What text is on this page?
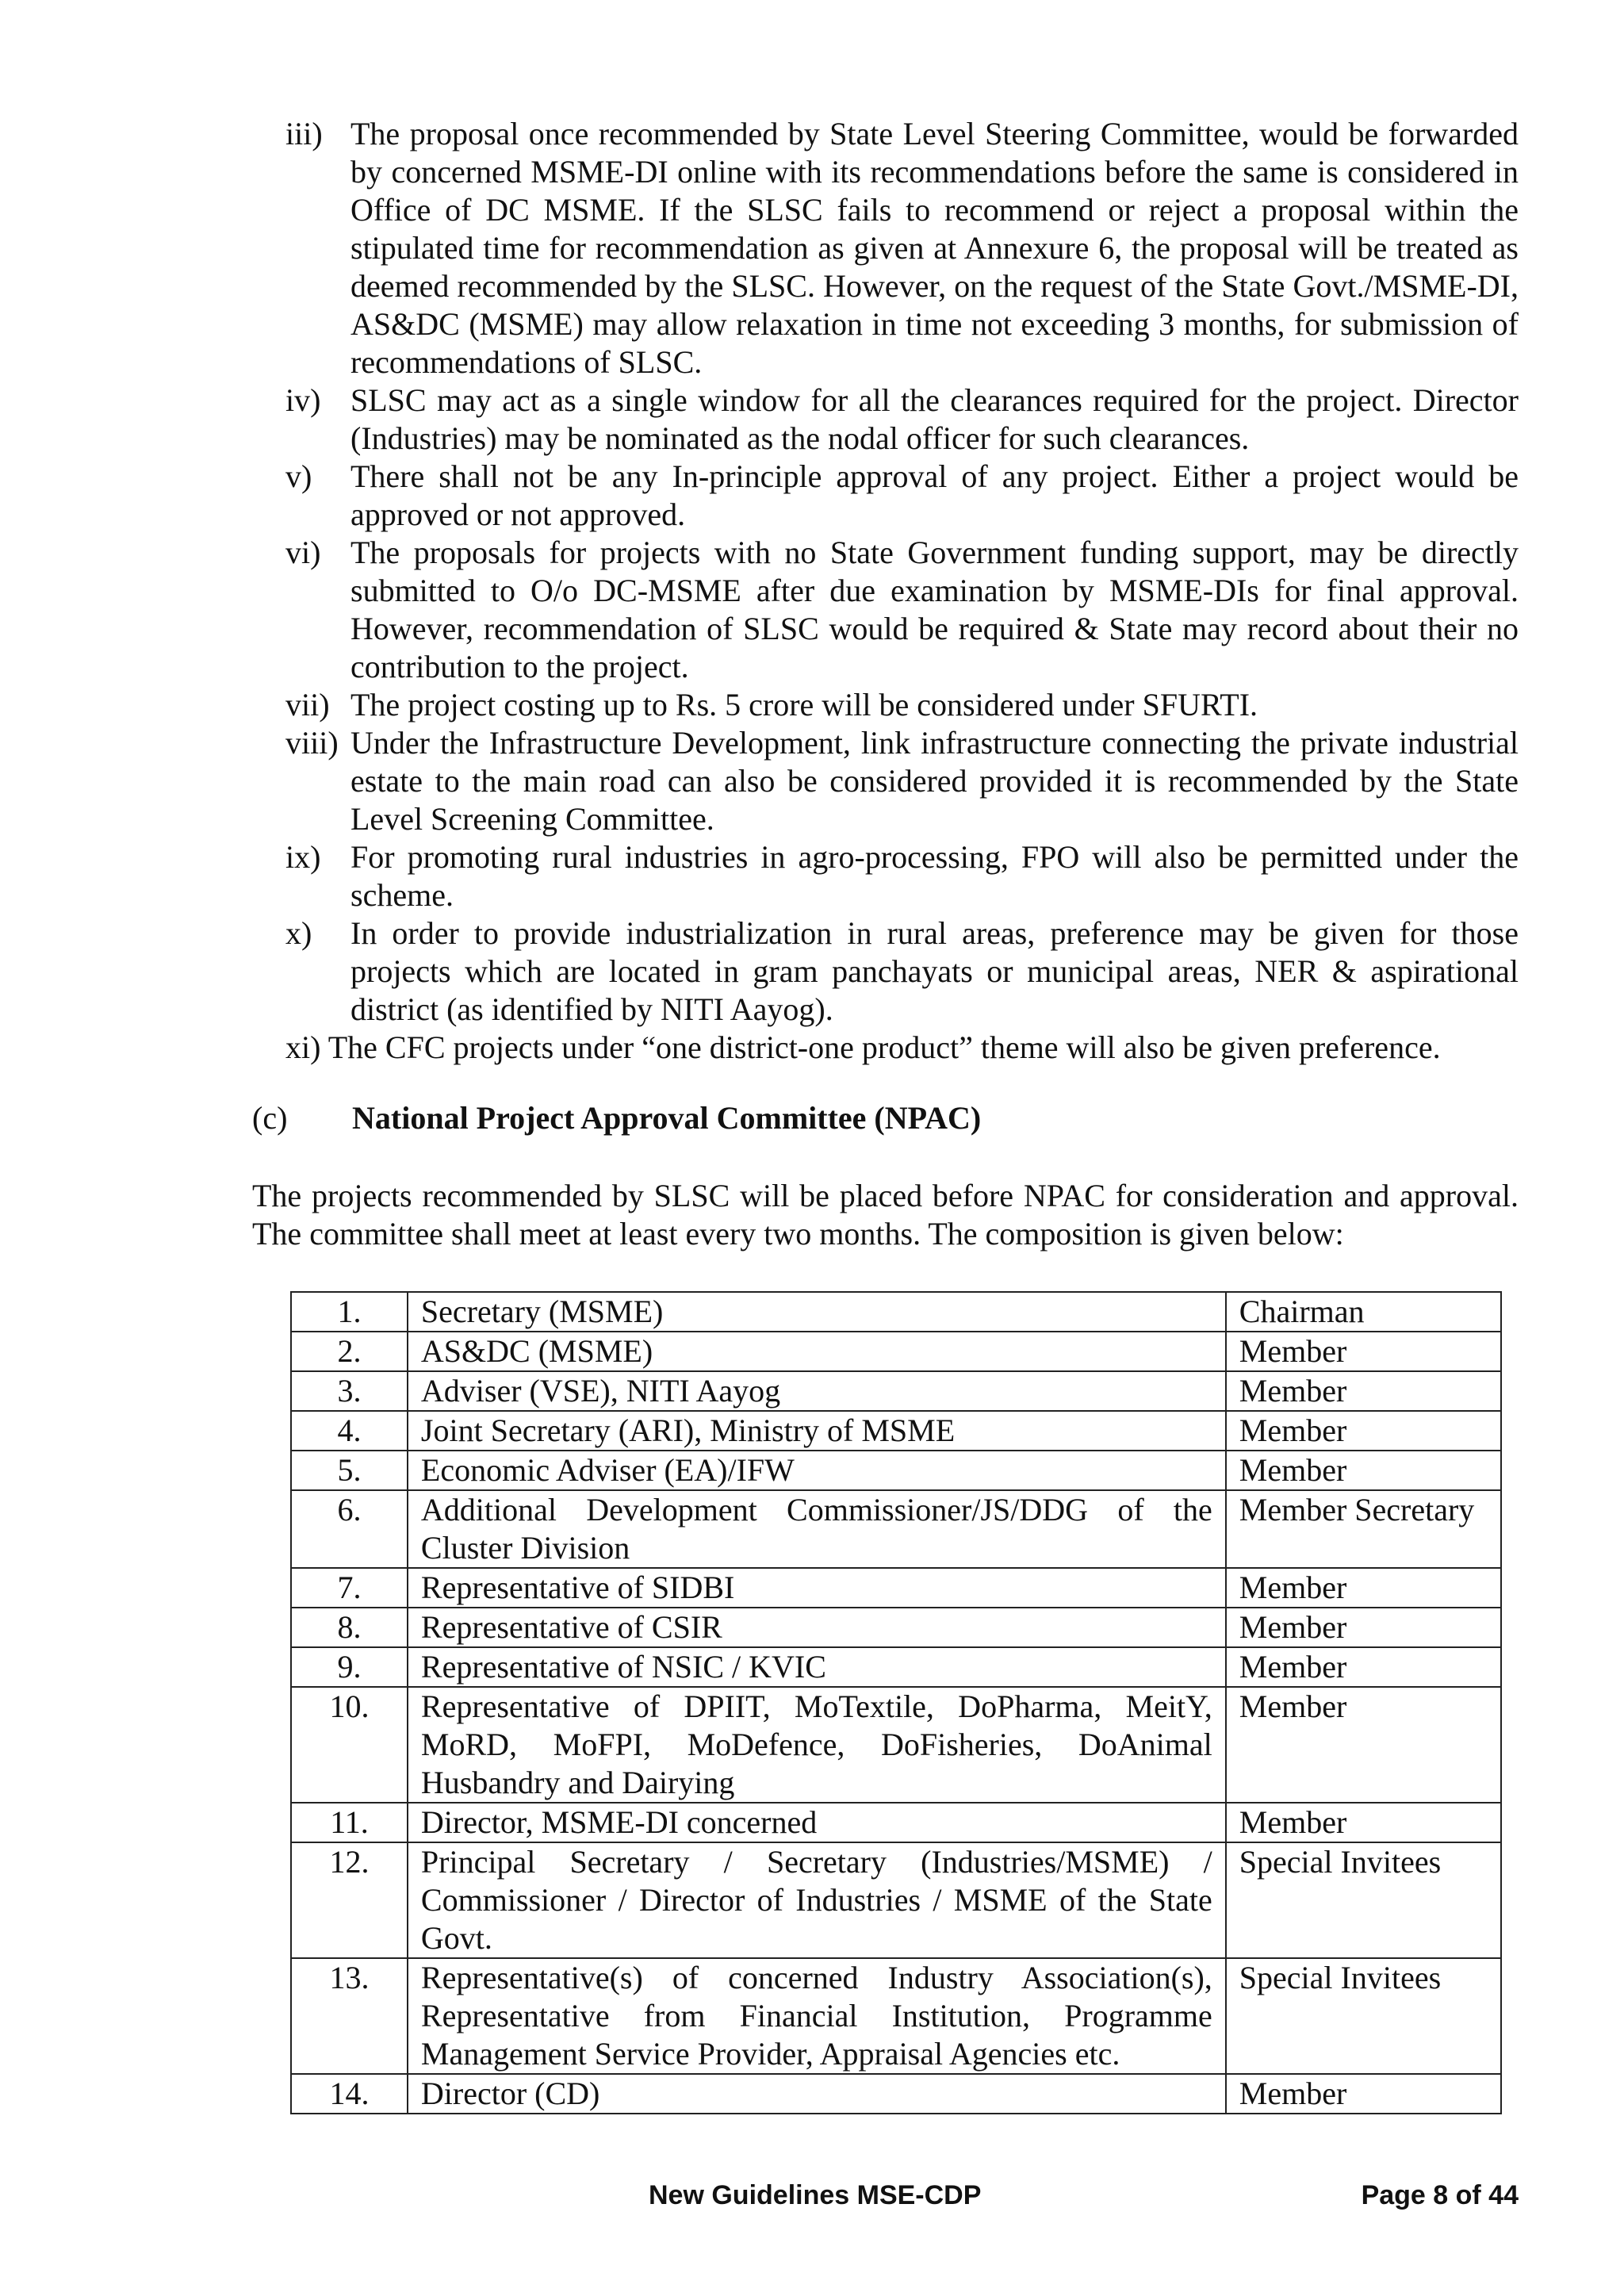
iii) The proposal once recommended by State Level Steering Committee, would be forwarded by concerned MSME-DI online with its recommendations before the same is considered in Office of DC MSME. If the SLSC fails to recommend or reject a proposal within the stipulated time for recommendation as given at Annexure 6, the proposal will be treated as deemed recommended by the SLSC. However, on the request of the State Govt./MSME-DI, AS&DC (MSME) may allow relaxation in time not exceeding 3 months, for submission of recommendations of SLSC.
iv) SLSC may act as a single window for all the clearances required for the project. Director (Industries) may be nominated as the nodal officer for such clearances.
v) There shall not be any In-principle approval of any project. Either a project would be approved or not approved.
vi) The proposals for projects with no State Government funding support, may be directly submitted to O/o DC-MSME after due examination by MSME-DIs for final approval. However, recommendation of SLSC would be required & State may record about their no contribution to the project.
vii) The project costing up to Rs. 5 crore will be considered under SFURTI.
viii) Under the Infrastructure Development, link infrastructure connecting the private industrial estate to the main road can also be considered provided it is recommended by the State Level Screening Committee.
ix) For promoting rural industries in agro-processing, FPO will also be permitted under the scheme.
x) In order to provide industrialization in rural areas, preference may be given for those projects which are located in gram panchayats or municipal areas, NER & aspirational district (as identified by NITI Aayog).
xi) The CFC projects under “one district-one product” theme will also be given preference.
(c) National Project Approval Committee (NPAC)
The projects recommended by SLSC will be placed before NPAC for consideration and approval. The committee shall meet at least every two months. The composition is given below:
1.	Secretary (MSME)	Chairman
2.	AS&DC (MSME)	Member
3.	Adviser (VSE), NITI Aayog	Member
4.	Joint Secretary (ARI), Ministry of MSME	Member
5.	Economic Adviser (EA)/IFW	Member
6.	Additional Development Commissioner/JS/DDG of the Cluster Division	Member Secretary
7.	Representative of SIDBI	Member
8.	Representative of CSIR	Member
9.	Representative of NSIC / KVIC	Member
10.	Representative of DPIIT, MoTextile, DoPharma, MeitY, MoRD, MoFPI, MoDefence, DoFisheries, DoAnimal Husbandry and Dairying	Member
11.	Director, MSME-DI concerned	Member
12.	Principal Secretary / Secretary (Industries/MSME) / Commissioner / Director of Industries / MSME of the State Govt.	Special Invitees
13.	Representative(s) of concerned Industry Association(s), Representative from Financial Institution, Programme Management Service Provider, Appraisal Agencies etc.	Special Invitees
14.	Director (CD)	Member
New Guidelines MSE-CDP	Page 8 of 44
